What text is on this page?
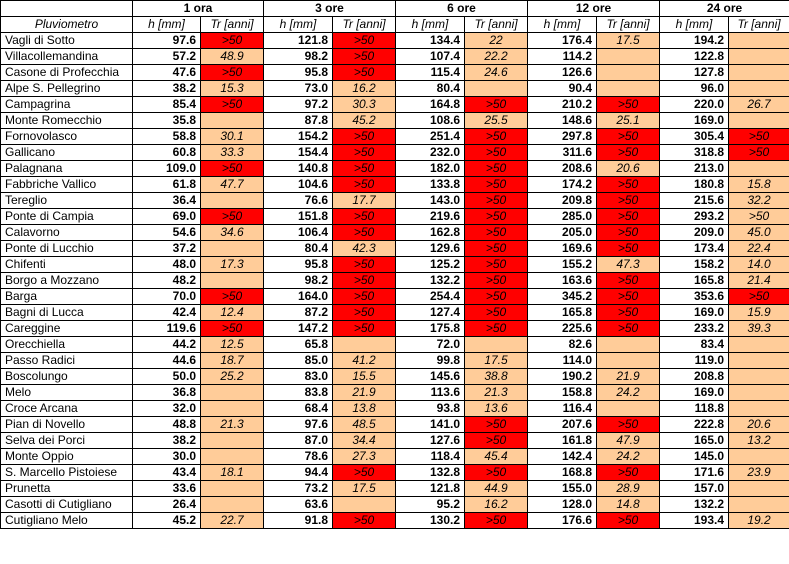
	1 ora		3 ore		6 ore		12 ore		24 ore	
Pluviometro	h [mm]	Tr [anni]	h [mm]	Tr [anni]	h [mm]	Tr [anni]	h [mm]	Tr [anni]	h [mm]	Tr [anni]
Vagli di Sotto	97.6	>50	121.8	>50	134.4	22	176.4	17.5	194.2	
Villacollemandina	57.2	48.9	98.2	>50	107.4	22.2	114.2		122.8	
Casone di Profecchia	47.6	>50	95.8	>50	115.4	24.6	126.6		127.8	
Alpe S. Pellegrino	38.2	15.3	73.0	16.2	80.4		90.4		96.0	
Campagrina	85.4	>50	97.2	30.3	164.8	>50	210.2	>50	220.0	26.7
Monte Romecchio	35.8		87.8	45.2	108.6	25.5	148.6	25.1	169.0	
Fornovolasco	58.8	30.1	154.2	>50	251.4	>50	297.8	>50	305.4	>50
Gallicano	60.8	33.3	154.4	>50	232.0	>50	311.6	>50	318.8	>50
Palagnana	109.0	>50	140.8	>50	182.0	>50	208.6	20.6	213.0	
Fabbriche Vallico	61.8	47.7	104.6	>50	133.8	>50	174.2	>50	180.8	15.8
Tereglio	36.4		76.6	17.7	143.0	>50	209.8	>50	215.6	32.2
Ponte di Campia	69.0	>50	151.8	>50	219.6	>50	285.0	>50	293.2	>50
Calavorno	54.6	34.6	106.4	>50	162.8	>50	205.0	>50	209.0	45.0
Ponte di Lucchio	37.2		80.4	42.3	129.6	>50	169.6	>50	173.4	22.4
Chifenti	48.0	17.3	95.8	>50	125.2	>50	155.2	47.3	158.2	14.0
Borgo a Mozzano	48.2		98.2	>50	132.2	>50	163.6	>50	165.8	21.4
Barga	70.0	>50	164.0	>50	254.4	>50	345.2	>50	353.6	>50
Bagni di Lucca	42.4	12.4	87.2	>50	127.4	>50	165.8	>50	169.0	15.9
Careggine	119.6	>50	147.2	>50	175.8	>50	225.6	>50	233.2	39.3
Orecchiella	44.2	12.5	65.8		72.0		82.6		83.4	
Passo Radici	44.6	18.7	85.0	41.2	99.8	17.5	114.0		119.0	
Boscolungo	50.0	25.2	83.0	15.5	145.6	38.8	190.2	21.9	208.8	
Melo	36.8		83.8	21.9	113.6	21.3	158.8	24.2	169.0	
Croce Arcana	32.0		68.4	13.8	93.8	13.6	116.4		118.8	
Pian di Novello	48.8	21.3	97.6	48.5	141.0	>50	207.6	>50	222.8	20.6
Selva dei Porci	38.2		87.0	34.4	127.6	>50	161.8	47.9	165.0	13.2
Monte Oppio	30.0		78.6	27.3	118.4	45.4	142.4	24.2	145.0	
S. Marcello Pistoiese	43.4	18.1	94.4	>50	132.8	>50	168.8	>50	171.6	23.9
Prunetta	33.6		73.2	17.5	121.8	44.9	155.0	28.9	157.0	
Casotti di Cutigliano	26.4		63.6		95.2	16.2	128.0	14.8	132.2	
Cutigliano Melo	45.2	22.7	91.8	>50	130.2	>50	176.6	>50	193.4	19.2
